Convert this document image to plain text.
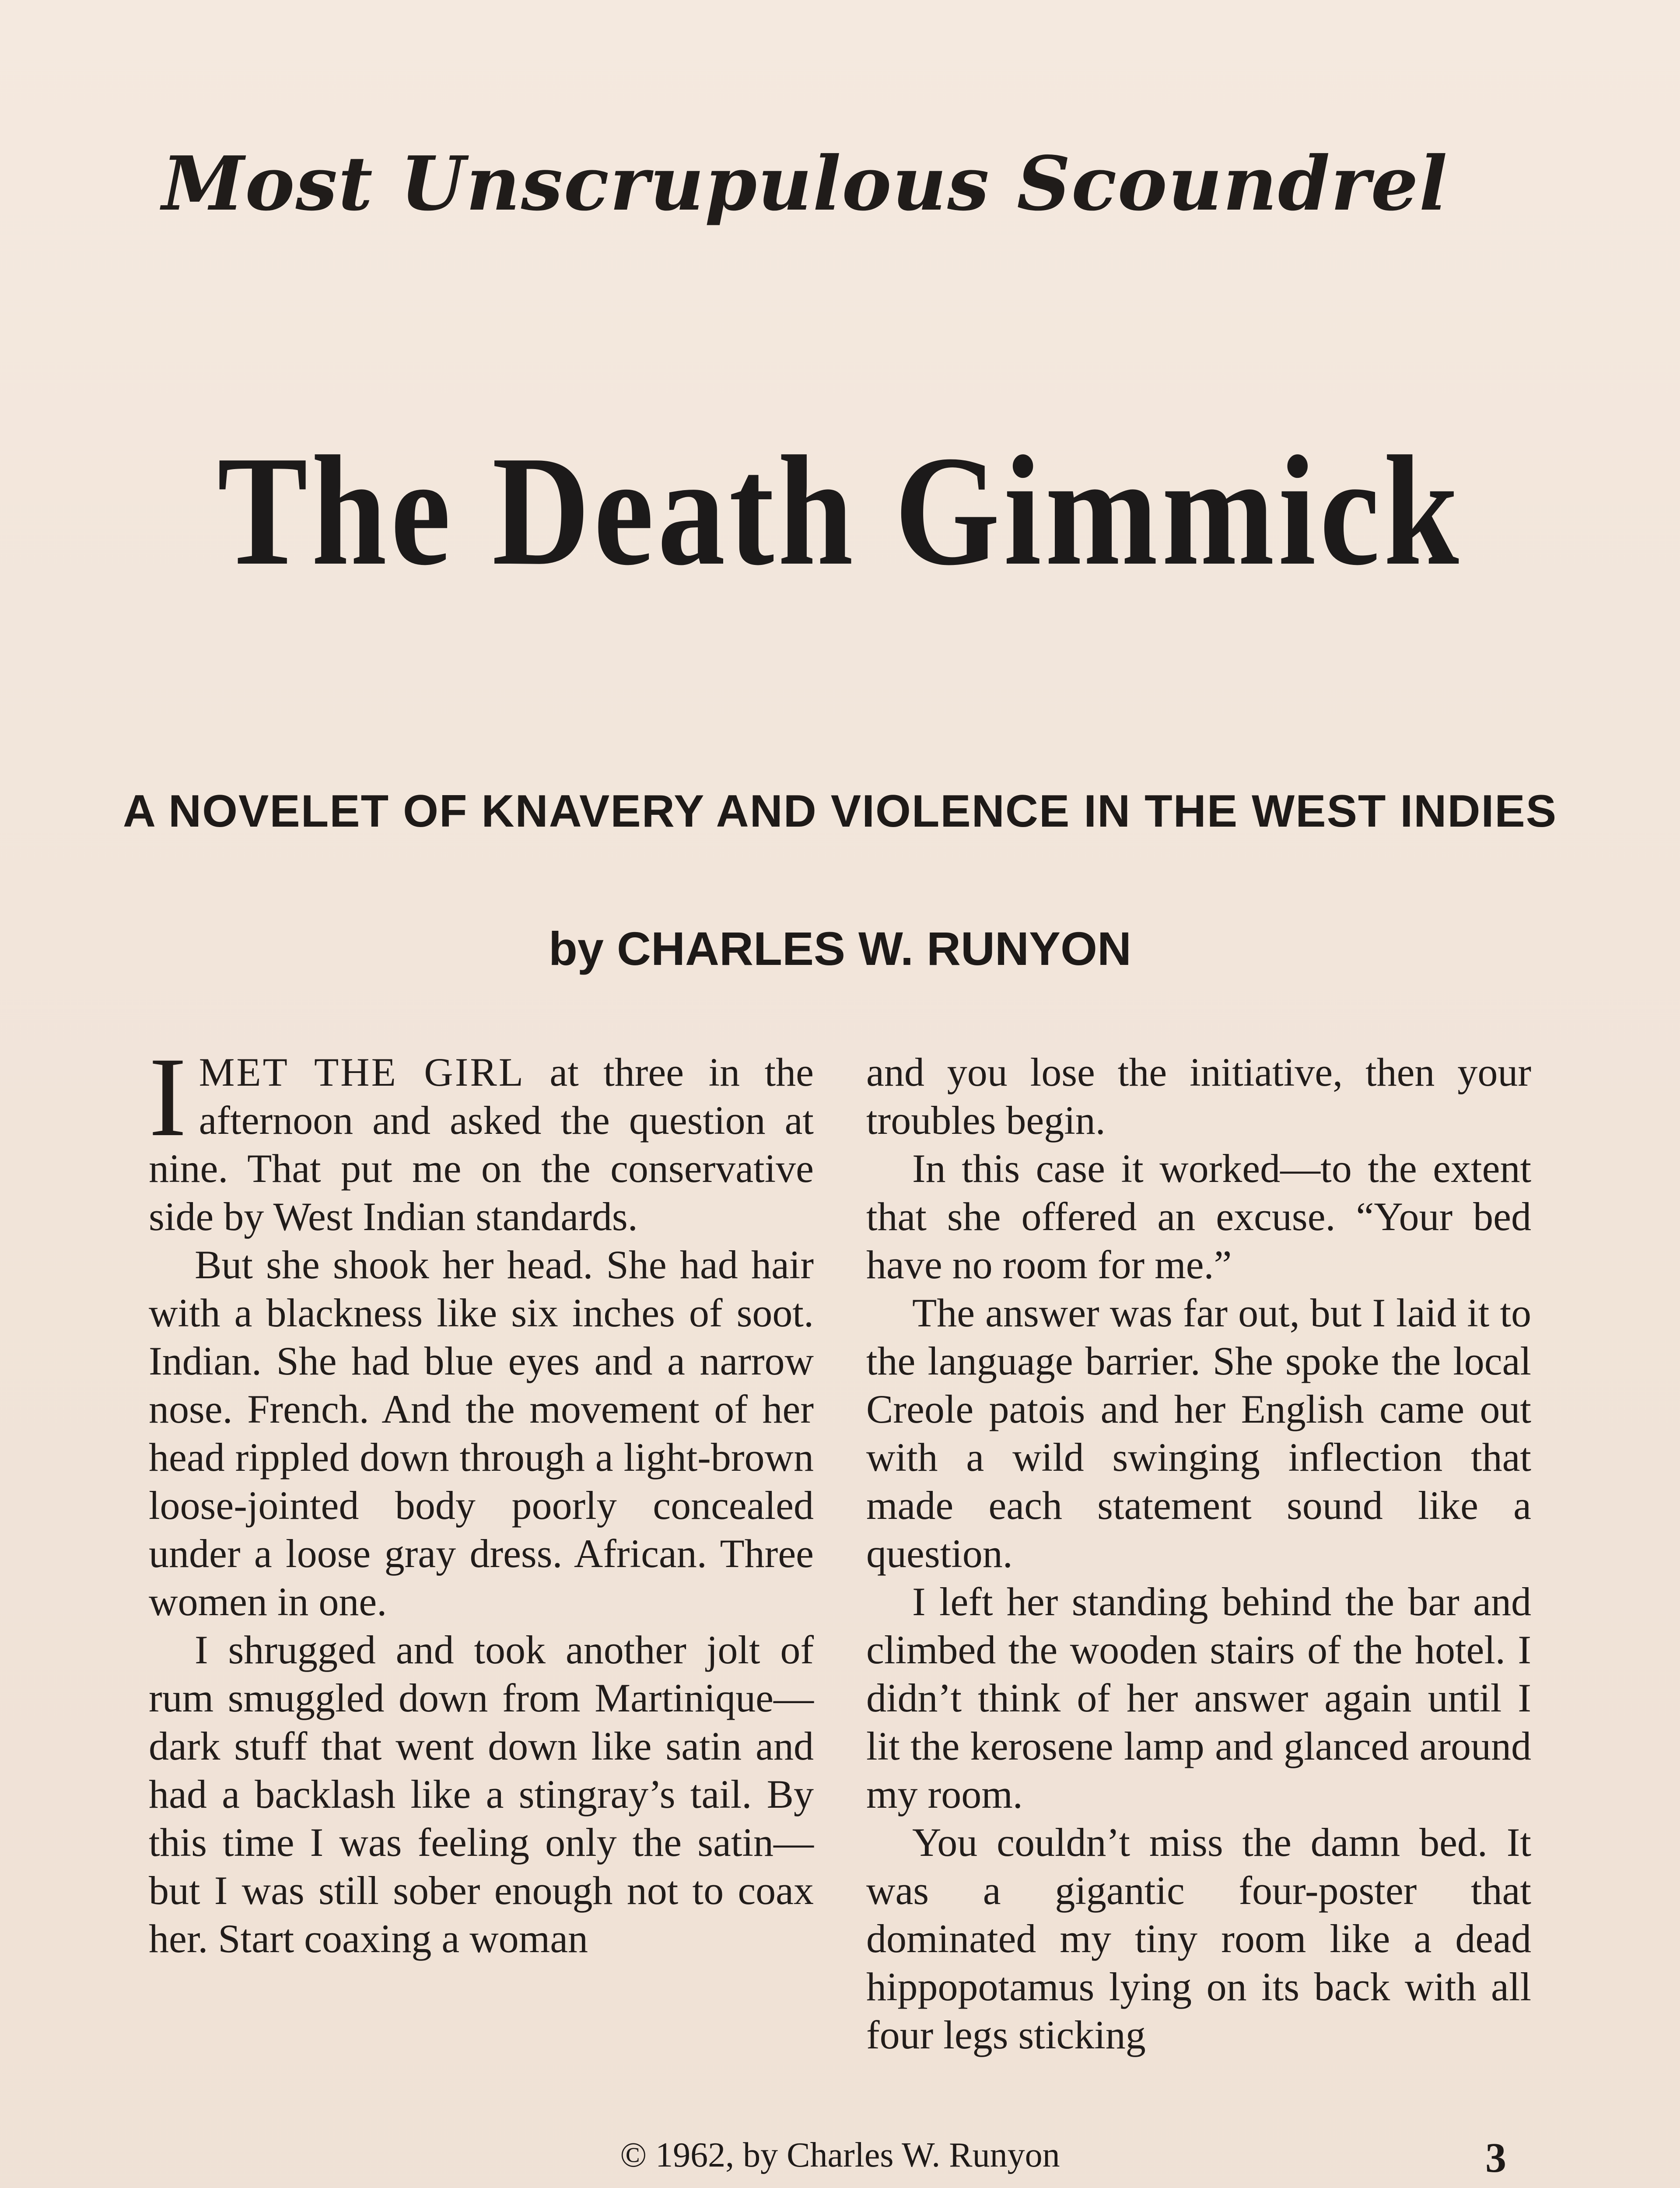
Most Unscrupulous Scoundrel
The Death Gimmick
A NOVELET OF KNAVERY AND VIOLENCE IN THE WEST INDIES
by CHARLES W. RUNYON

I MET THE GIRL at three in the afternoon and asked the question at nine. That put me on the conservative side by West Indian standards.

But she shook her head. She had hair with a blackness like six inches of soot. Indian. She had blue eyes and a narrow nose. French. And the movement of her head rippled down through a light-brown loose-jointed body poorly concealed under a loose gray dress. African. Three women in one.

I shrugged and took another jolt of rum smuggled down from Martinique—dark stuff that went down like satin and had a backlash like a stingray’s tail. By this time I was feeling only the satin—but I was still sober enough not to coax her. Start coaxing a woman

and you lose the initiative, then your troubles begin.

In this case it worked—to the extent that she offered an excuse. “Your bed have no room for me.”

The answer was far out, but I laid it to the language barrier. She spoke the local Creole patois and her English came out with a wild swinging inflection that made each statement sound like a question.

I left her standing behind the bar and climbed the wooden stairs of the hotel. I didn’t think of her answer again until I lit the kerosene lamp and glanced around my room.

You couldn’t miss the damn bed. It was a gigantic four-poster that dominated my tiny room like a dead hippopotamus lying on its back with all four legs sticking

© 1962, by Charles W. Runyon	3
